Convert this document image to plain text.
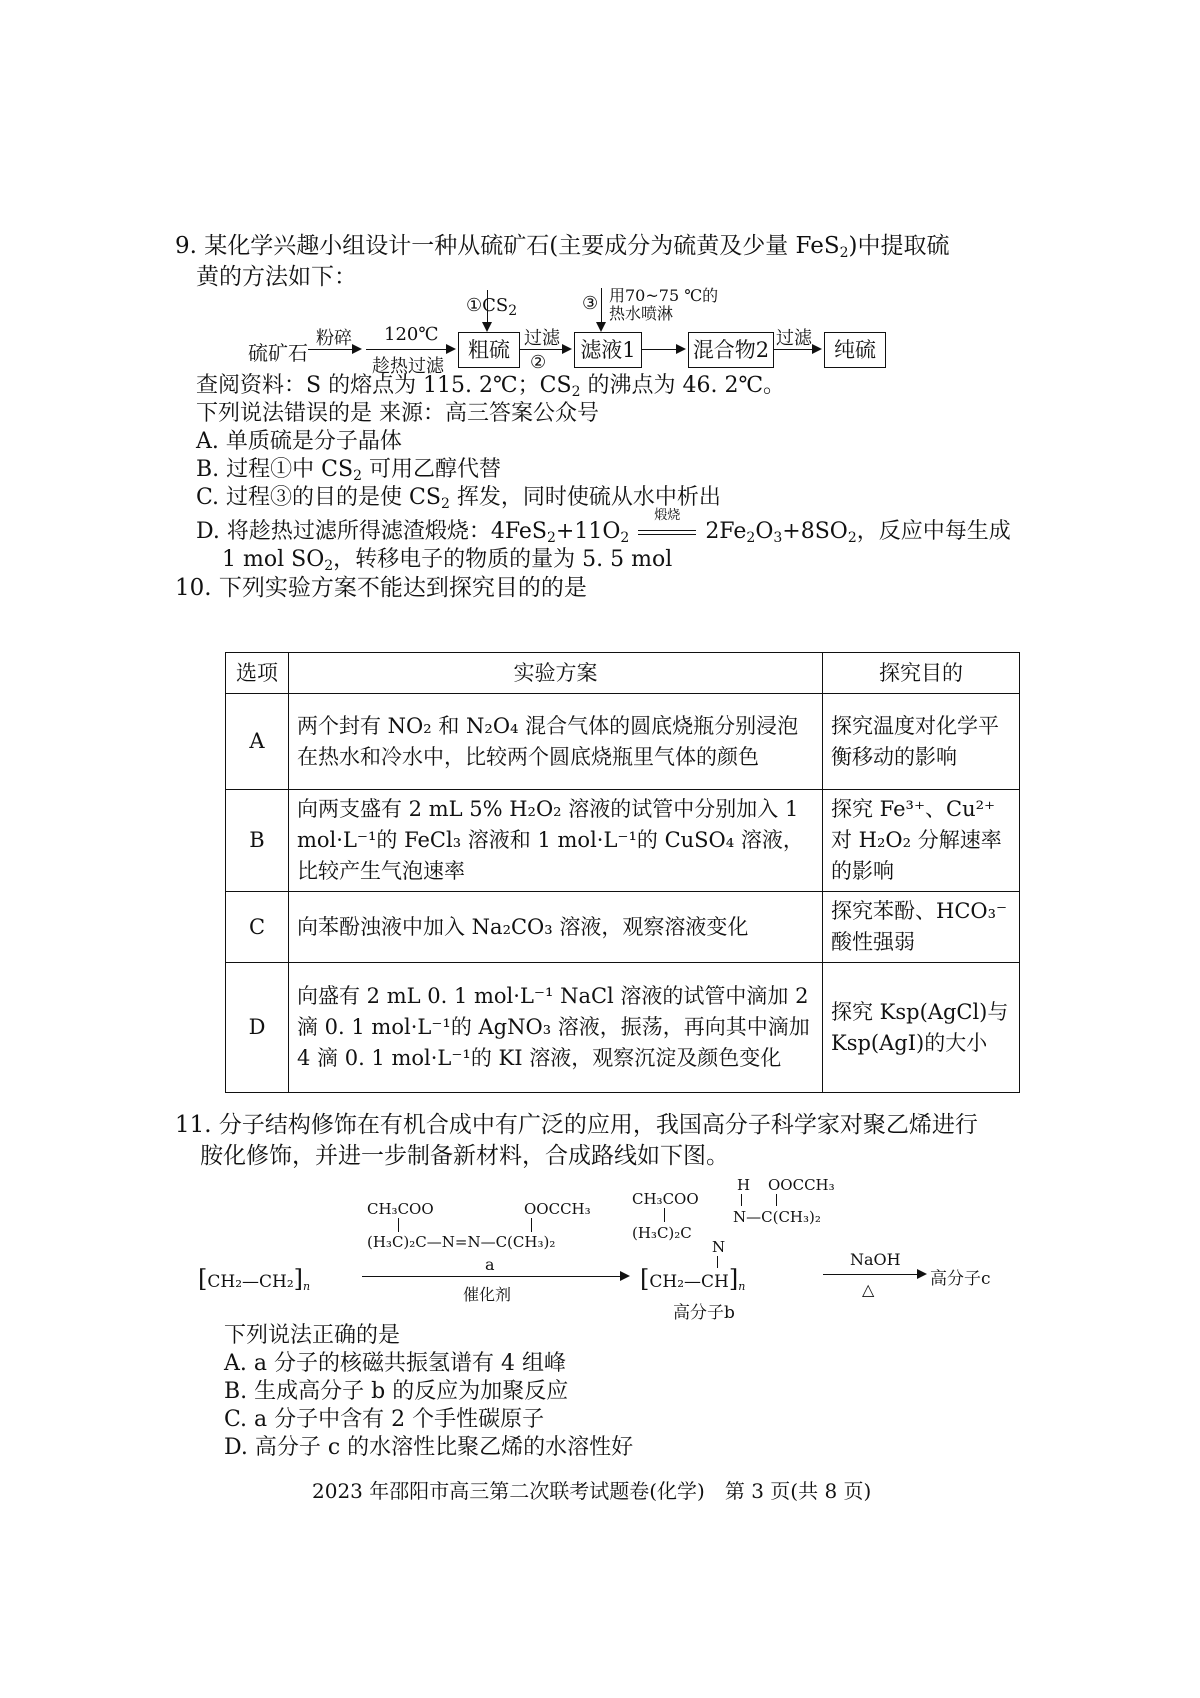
9. 某化学兴趣小组设计一种从硫矿石(主要成分为硫黄及少量 FeS$_2$)中提取硫
黄的方法如下：
硫矿石
粉碎 120℃
趁热过滤
粗硫
$①CS_2$
过滤
②
滤液1
③ 用70~75 ℃的
热水喷淋
混合物2 过滤	纯硫
查阅资料：S 的熔点为 115. 2℃；$CS_2$ 的沸点为 46. 2℃。
下列说法错误的是 来源：高三答案公众号
A. 单质硫是分子晶体
B. 过程①中 $CS_2$ 可用乙醇代替
C. 过程③的目的是使 $CS_2$ 挥发，同时使硫从水中析出
D. 将趁热过滤所得滤渣煅烧：$4FeS_2+11O_2$
煅烧
$2Fe_2O_3+8SO_2$，反应中每生成
1 mol $SO_2$，转移电子的物质的量为 5. 5 mol
10. 下列实验方案不能达到探究目的的是
选项	实验方案	探究目的
A	两个封有 NO₂ 和 N₂O₄ 混合气体的圆底烧瓶分别浸泡在热水和冷水中，比较两个圆底烧瓶里气体的颜色	探究温度对化学平衡移动的影响
B	向两支盛有 2 mL 5% H₂O₂ 溶液的试管中分别加入 1 mol·L⁻¹的 FeCl₃ 溶液和 1 mol·L⁻¹的 CuSO₄ 溶液，比较产生气泡速率	探究 Fe³⁺、Cu²⁺ 对 H₂O₂ 分解速率的影响
C	向苯酚浊液中加入 Na₂CO₃ 溶液，观察溶液变化	探究苯酚、HCO₃⁻ 酸性强弱
D	向盛有 2 mL 0. 1 mol·L⁻¹ NaCl 溶液的试管中滴加 2 滴 0. 1 mol·L⁻¹的 AgNO₃ 溶液，振荡，再向其中滴加 4 滴 0. 1 mol·L⁻¹的 KI 溶液，观察沉淀及颜色变化	探究 Ksp(AgCl)与 Ksp(AgI)的大小
11. 分子结构修饰在有机合成中有广泛的应用，我国高分子科学家对聚乙烯进行
胺化修饰，并进一步制备新材料，合成路线如下图。
$[CH_2—CH_2]_n$
CH₃COO	OOCCH₃
(H₃C)₂C—N=N—C(CH₃)₂
a
催化剂
H OOCCH₃
CH₃COO
N—C(CH₃)₂
(H₃C)₂C
N
$[CH_2—CH]_n$
高分子b
NaOH
△
高分子c
下列说法正确的是
A. a 分子的核磁共振氢谱有 4 组峰
B. 生成高分子 b 的反应为加聚反应
C. a 分子中含有 2 个手性碳原子
D. 高分子 c 的水溶性比聚乙烯的水溶性好
2023 年邵阳市高三第二次联考试题卷(化学)　第 3 页(共 8 页)
